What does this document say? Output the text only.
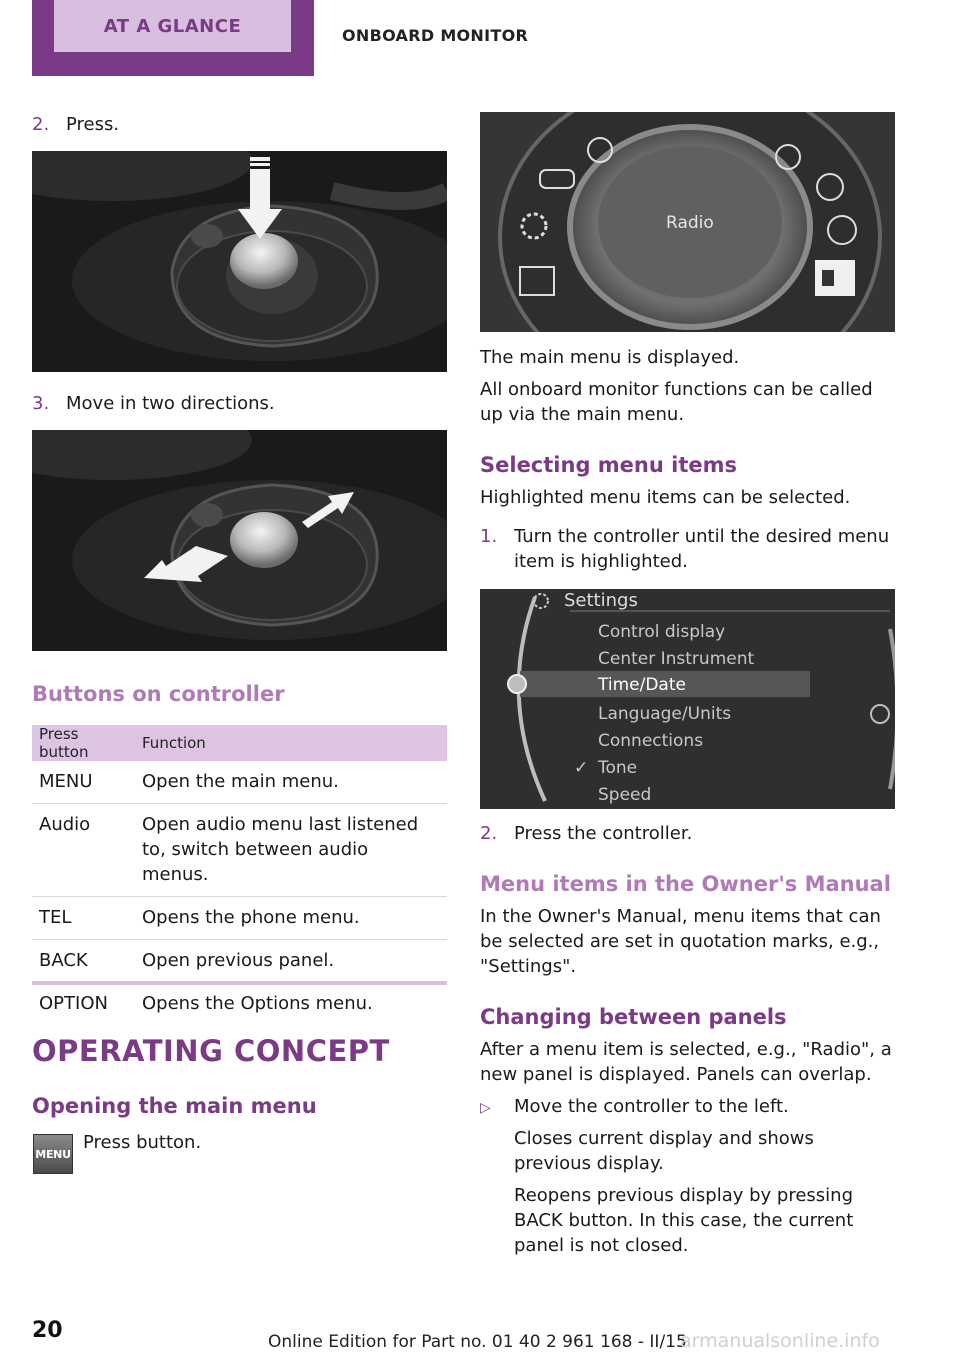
AT A GLANCE	ONBOARD MONITOR
2. Press.
3. Move in two directions.
Buttons on controller
Press button	Function
MENU	Open the main menu.
Audio	Open audio menu last listened to, switch between audio menus.
TEL	Opens the phone menu.
BACK	Open previous panel.
OPTION	Opens the Options menu.
OPERATING CONCEPT
Opening the main menu
MENU
Press button.
Radio
The main menu is displayed.
All onboard monitor functions can be called up via the main menu.
Selecting menu items
Highlighted menu items can be selected.
1. Turn the controller until the desired menu item is highlighted.
Settings
Control display
Center Instrument
Time/Date
Language/Units
Connections
✓ Tone
Speed
2. Press the controller.
Menu items in the Owner's Manual
In the Owner's Manual, menu items that can be selected are set in quotation marks, e.g., "Settings".
Changing between panels
After a menu item is selected, e.g., "Radio", a new panel is displayed. Panels can overlap.
▷ Move the controller to the left.
Closes current display and shows previous display.
Reopens previous display by pressing BACK button. In this case, the current panel is not closed.
20	Online Edition for Part no. 01 40 2 961 168 - II/15
armanualsonline.info
